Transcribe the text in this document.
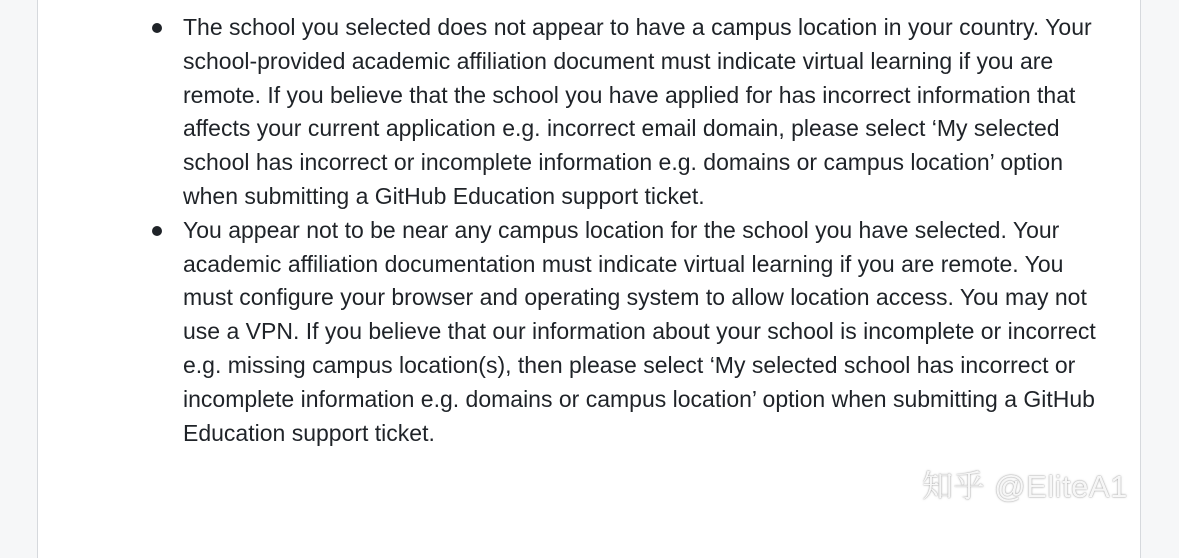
The school you selected does not appear to have a campus location in your country. Your school-provided academic affiliation document must indicate virtual learning if you are remote. If you believe that the school you have applied for has incorrect information that affects your current application e.g. incorrect email domain, please select ‘My selected school has incorrect or incomplete information e.g. domains or campus location’ option when submitting a GitHub Education support ticket.
You appear not to be near any campus location for the school you have selected. Your academic affiliation documentation must indicate virtual learning if you are remote. You must configure your browser and operating system to allow location access. You may not use a VPN. If you believe that our information about your school is incomplete or incorrect e.g. missing campus location(s), then please select ‘My selected school has incorrect or incomplete information e.g. domains or campus location’ option when submitting a GitHub Education support ticket.
知乎 @EliteA1
